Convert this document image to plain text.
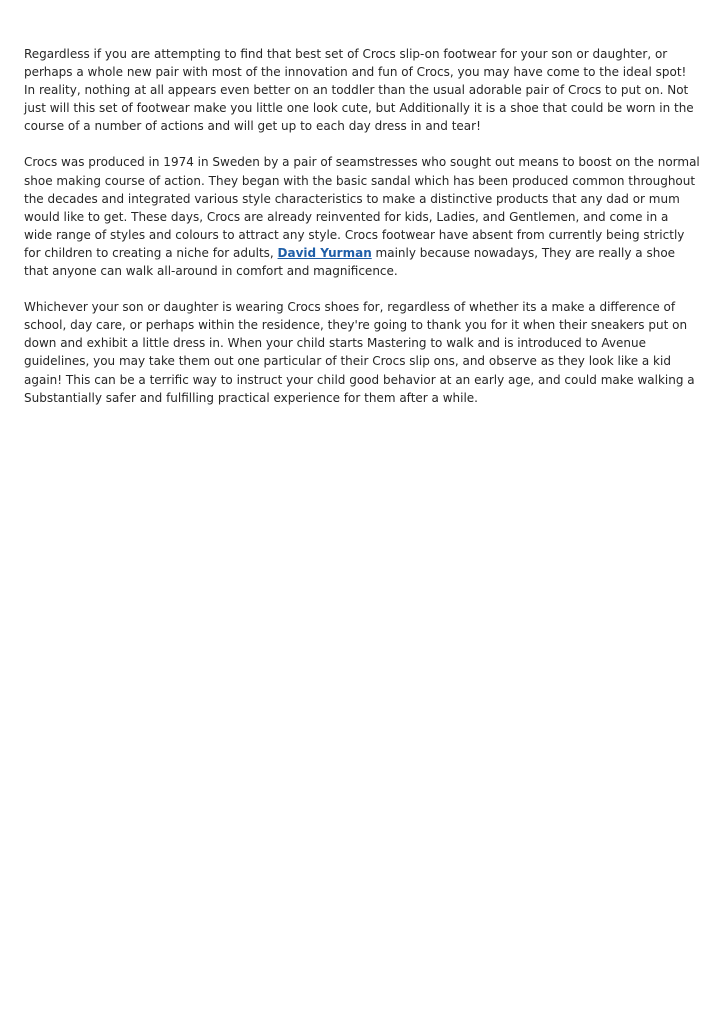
Regardless if you are attempting to find that best set of Crocs slip-on footwear for your son or daughter, or perhaps a whole new pair with most of the innovation and fun of Crocs, you may have come to the ideal spot! In reality, nothing at all appears even better on an toddler than the usual adorable pair of Crocs to put on. Not just will this set of footwear make you little one look cute, but Additionally it is a shoe that could be worn in the course of a number of actions and will get up to each day dress in and tear!

Crocs was produced in 1974 in Sweden by a pair of seamstresses who sought out means to boost on the normal shoe making course of action. They began with the basic sandal which has been produced common throughout the decades and integrated various style characteristics to make a distinctive products that any dad or mum would like to get. These days, Crocs are already reinvented for kids, Ladies, and Gentlemen, and come in a wide range of styles and colours to attract any style. Crocs footwear have absent from currently being strictly for children to creating a niche for adults, David Yurman mainly because nowadays, They are really a shoe that anyone can walk all-around in comfort and magnificence.

Whichever your son or daughter is wearing Crocs shoes for, regardless of whether its a make a difference of school, day care, or perhaps within the residence, they're going to thank you for it when their sneakers put on down and exhibit a little dress in. When your child starts Mastering to walk and is introduced to Avenue guidelines, you may take them out one particular of their Crocs slip ons, and observe as they look like a kid again! This can be a terrific way to instruct your child good behavior at an early age, and could make walking a Substantially safer and fulfilling practical experience for them after a while.
